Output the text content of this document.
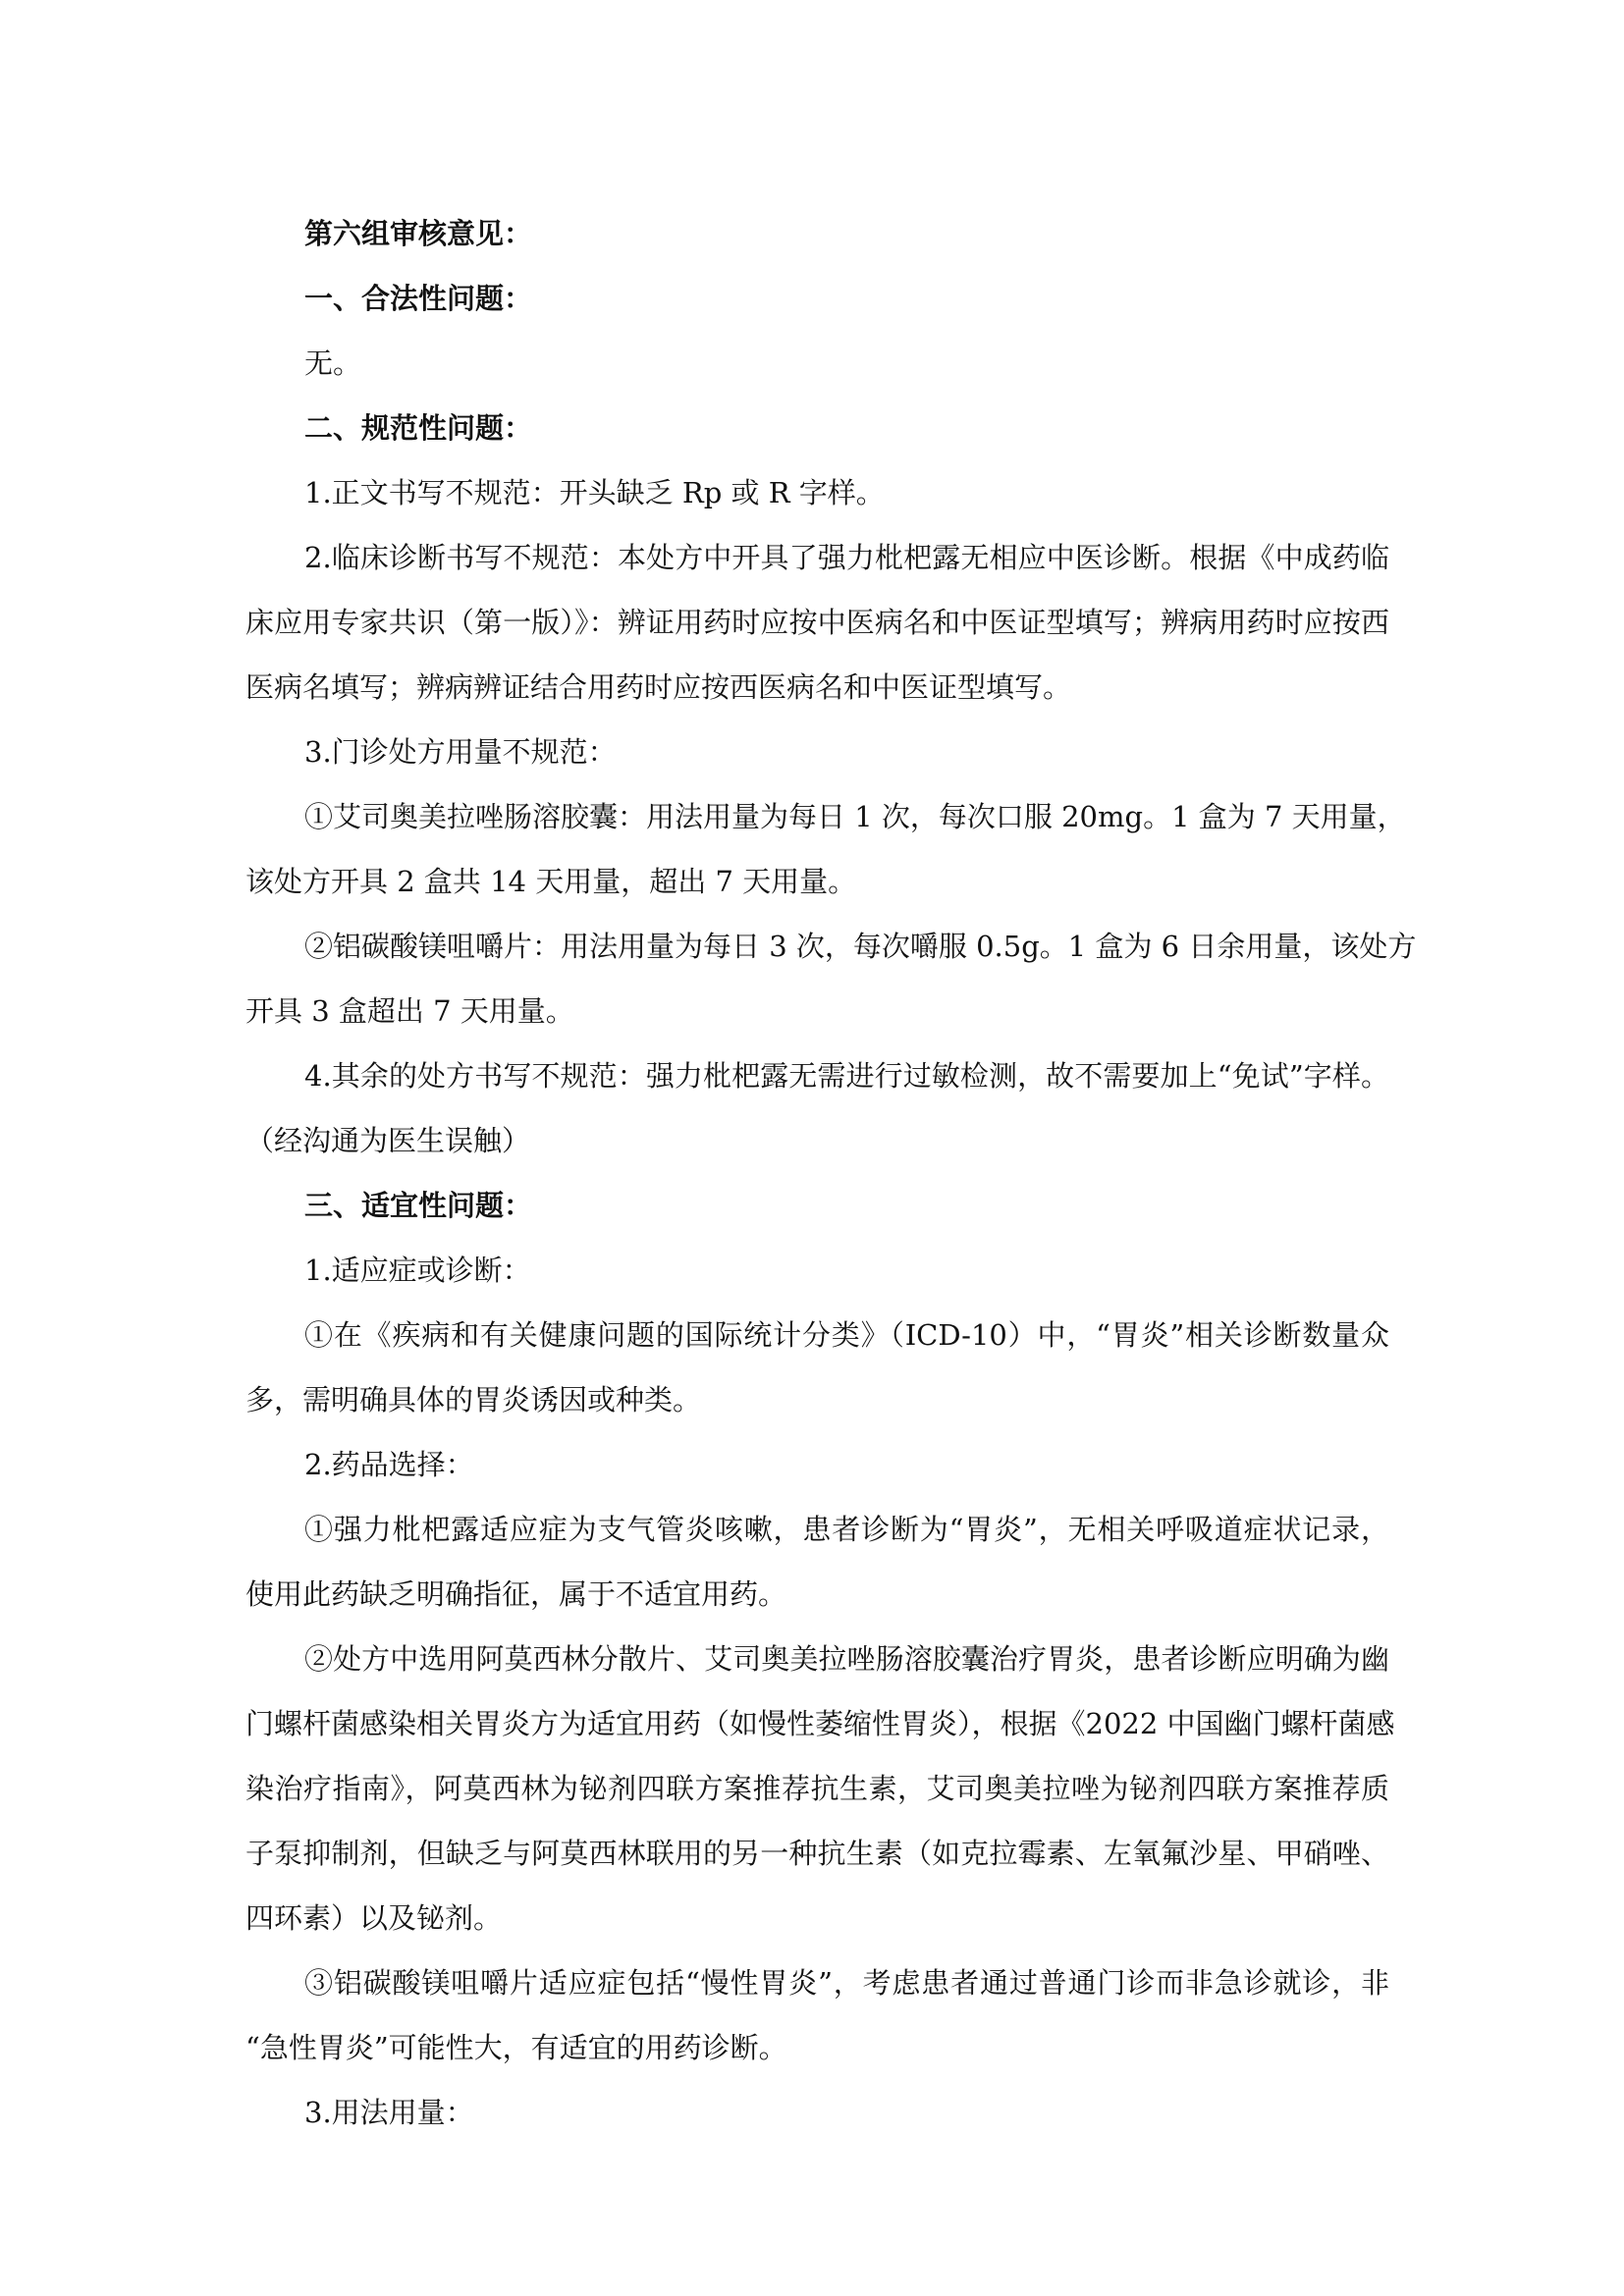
第六组审核意见：

一、合法性问题：

无。

二、规范性问题：

1.正文书写不规范：开头缺乏 Rp 或 R 字样。

2.临床诊断书写不规范：本处方中开具了强力枇杷露无相应中医诊断。根据《中成药临

床应用专家共识（第一版）》：辨证用药时应按中医病名和中医证型填写；辨病用药时应按西

医病名填写；辨病辨证结合用药时应按西医病名和中医证型填写。

3.门诊处方用量不规范：

①艾司奥美拉唑肠溶胶囊：用法用量为每日 1 次，每次口服 20mg。1 盒为 7 天用量，

该处方开具 2 盒共 14 天用量，超出 7 天用量。

②铝碳酸镁咀嚼片：用法用量为每日 3 次，每次嚼服 0.5g。1 盒为 6 日余用量，该处方

开具 3 盒超出 7 天用量。

4.其余的处方书写不规范：强力枇杷露无需进行过敏检测，故不需要加上“免试”字样。

（经沟通为医生误触）

三、适宜性问题：

1.适应症或诊断：

①在《疾病和有关健康问题的国际统计分类》（ICD-10）中，“胃炎”相关诊断数量众

多，需明确具体的胃炎诱因或种类。

2.药品选择：

①强力枇杷露适应症为支气管炎咳嗽，患者诊断为“胃炎”，无相关呼吸道症状记录，

使用此药缺乏明确指征，属于不适宜用药。

②处方中选用阿莫西林分散片、艾司奥美拉唑肠溶胶囊治疗胃炎，患者诊断应明确为幽

门螺杆菌感染相关胃炎方为适宜用药（如慢性萎缩性胃炎），根据《2022 中国幽门螺杆菌感

染治疗指南》，阿莫西林为铋剂四联方案推荐抗生素，艾司奥美拉唑为铋剂四联方案推荐质

子泵抑制剂，但缺乏与阿莫西林联用的另一种抗生素（如克拉霉素、左氧氟沙星、甲硝唑、

四环素）以及铋剂。

③铝碳酸镁咀嚼片适应症包括“慢性胃炎”，考虑患者通过普通门诊而非急诊就诊，非

“急性胃炎”可能性大，有适宜的用药诊断。

3.用法用量：
